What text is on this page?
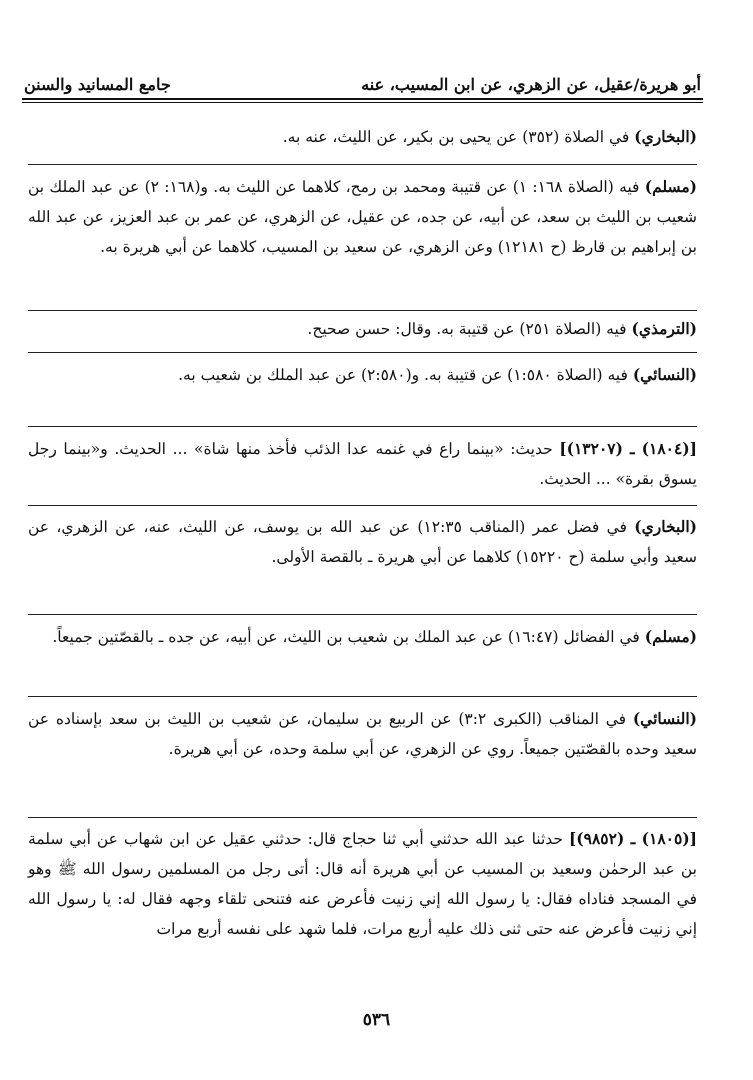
أبو هريرة/عقيل، عن الزهري، عن ابن المسيب، عنه
جامع المسانيد والسنن

(البخاري) في الصلاة (٣٥٢) عن يحيى بن بكير، عن الليث، عنه به.

(مسلم) فيه (الصلاة ١٦٨: ١) عن قتيبة ومحمد بن رمح، كلاهما عن الليث به. و(١٦٨: ٢) عن عبد الملك بن شعيب بن الليث بن سعد، عن أبيه، عن جده، عن عقيل، عن الزهري، عن عمر بن عبد العزيز، عن عبد الله بن إبراهيم بن قارظ (ح ١٢١٨١) وعن الزهري، عن سعيد بن المسيب، كلاهما عن أبي هريرة به.

(الترمذي) فيه (الصلاة ٢٥١) عن قتيبة به. وقال: حسن صحيح.

(النسائي) فيه (الصلاة ١:٥٨٠) عن قتيبة به. و(٢:٥٨٠) عن عبد الملك بن شعيب به.

[(١٨٠٤) ـ (١٣٢٠٧)] حديث: «بينما راع في غنمه عدا الذئب فأخذ منها شاة» ... الحديث. و«بينما رجل يسوق بقرة» ... الحديث.

(البخاري) في فضل عمر (المناقب ١٢:٣٥) عن عبد الله بن يوسف، عن الليث، عنه، عن الزهري، عن سعيد وأبي سلمة (ح ١٥٢٢٠) كلاهما عن أبي هريرة ـ بالقصة الأولى.

(مسلم) في الفضائل (١٦:٤٧) عن عبد الملك بن شعيب بن الليث، عن أبيه، عن جده ـ بالقصّتين جميعاً.

(النسائي) في المناقب (الكبرى ٣:٢) عن الربيع بن سليمان، عن شعيب بن الليث بن سعد بإسناده عن سعيد وحده بالقصّتين جميعاً. روي عن الزهري، عن أبي سلمة وحده، عن أبي هريرة.

[(١٨٠٥) ـ (٩٨٥٢)] حدثنا عبد الله حدثني أبي ثنا حجاج قال: حدثني عقيل عن ابن شهاب عن أبي سلمة بن عبد الرحمٰن وسعيد بن المسيب عن أبي هريرة أنه قال: أتى رجل من المسلمين رسول الله ﷺ وهو في المسجد فناداه فقال: يا رسول الله إني زنيت فأعرض عنه فتنحى تلقاء وجهه فقال له: يا رسول الله إني زنيت فأعرض عنه حتى ثنى ذلك عليه أربع مرات، فلما شهد على نفسه أربع مرات

٥٣٦
